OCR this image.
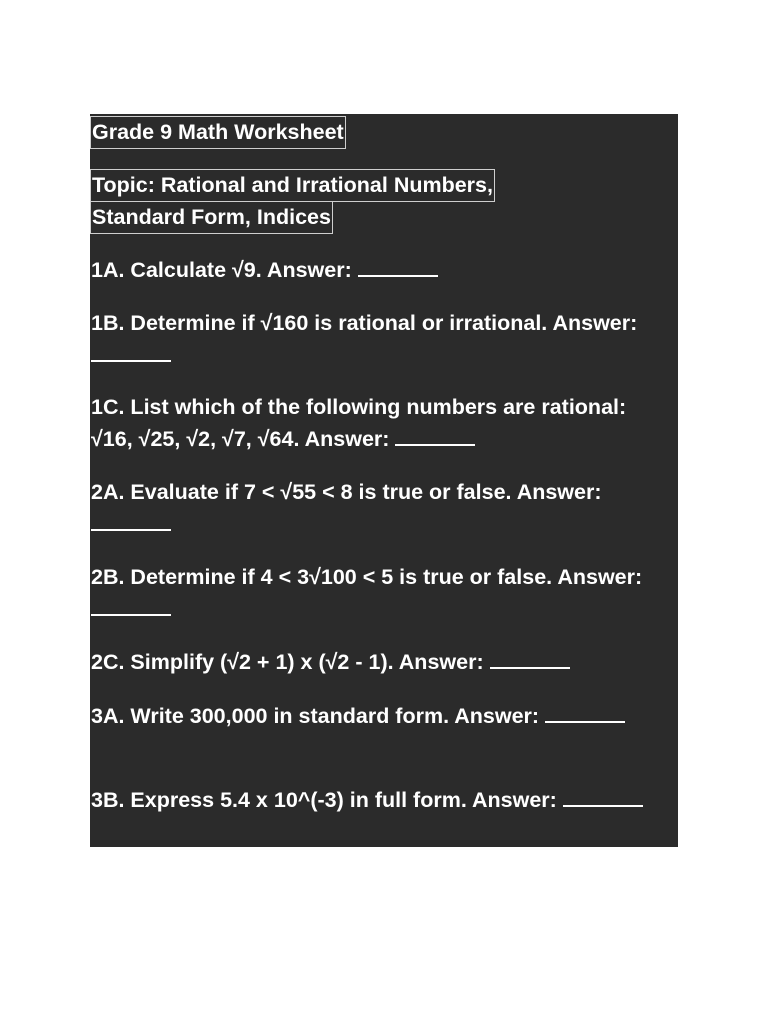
Grade 9 Math Worksheet
Topic: Rational and Irrational Numbers,
Standard Form, Indices
1A. Calculate √9. Answer:
1B. Determine if √160 is rational or irrational. Answer:
1C. List which of the following numbers are rational: √16, √25, √2, √7, √64. Answer:
2A. Evaluate if 7 < √55 < 8 is true or false. Answer:
2B. Determine if 4 < 3√100 < 5 is true or false. Answer:
2C. Simplify (√2 + 1) x (√2 - 1). Answer:
3A. Write 300,000 in standard form. Answer:
3B. Express 5.4 x 10^(-3) in full form. Answer:
